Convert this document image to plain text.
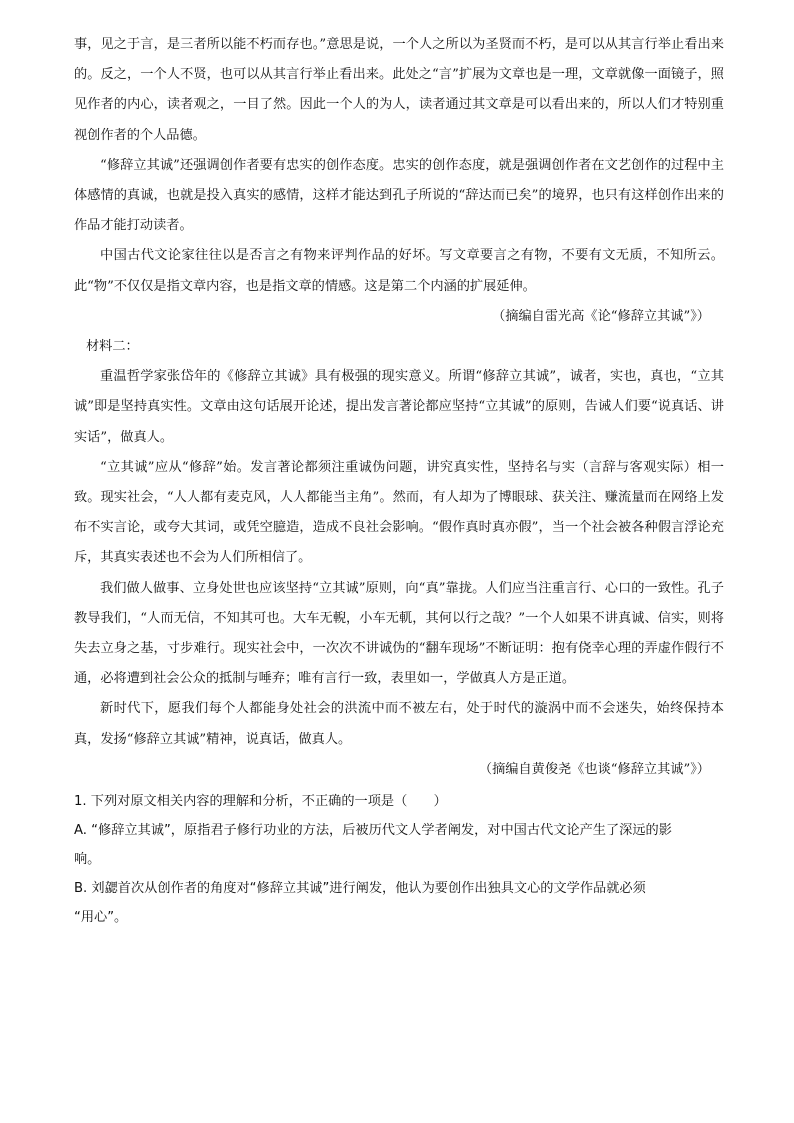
事，见之于言，是三者所以能不朽而存也。”意思是说，一个人之所以为圣贤而不朽，是可以从其言行举止看出来的。反之，一个人不贤，也可以从其言行举止看出来。此处之“言”扩展为文章也是一理，文章就像一面镜子，照见作者的内心，读者观之，一目了然。因此一个人的为人，读者通过其文章是可以看出来的，所以人们才特别重视创作者的个人品德。

“修辞立其诚”还强调创作者要有忠实的创作态度。忠实的创作态度，就是强调创作者在文艺创作的过程中主体感情的真诚，也就是投入真实的感情，这样才能达到孔子所说的“辞达而已矣”的境界，也只有这样创作出来的作品才能打动读者。

中国古代文论家往往以是否言之有物来评判作品的好坏。写文章要言之有物，不要有文无质，不知所云。此“物”不仅仅是指文章内容，也是指文章的情感。这是第二个内涵的扩展延伸。

（摘编自雷光高《论“修辞立其诚”》）

材料二：

重温哲学家张岱年的《修辞立其诚》具有极强的现实意义。所谓“修辞立其诚”，诚者，实也，真也，“立其诚”即是坚持真实性。文章由这句话展开论述，提出发言著论都应坚持“立其诚”的原则，告诫人们要“说真话、讲实话”，做真人。

“立其诚”应从“修辞”始。发言著论都须注重诚伪问题，讲究真实性，坚持名与实（言辞与客观实际）相一致。现实社会，“人人都有麦克风，人人都能当主角”。然而，有人却为了博眼球、获关注、赚流量而在网络上发布不实言论，或夸大其词，或凭空臆造，造成不良社会影响。“假作真时真亦假”，当一个社会被各种假言浮论充斥，其真实表述也不会为人们所相信了。

我们做人做事、立身处世也应该坚持“立其诚”原则，向“真”靠拢。人们应当注重言行、心口的一致性。孔子教导我们，“人而无信，不知其可也。大车无輗，小车无軏，其何以行之哉？”一个人如果不讲真诚、信实，则将失去立身之基，寸步难行。现实社会中，一次次不讲诚伪的“翻车现场”不断证明：抱有侥幸心理的弄虚作假行不通，必将遭到社会公众的抵制与唾弃；唯有言行一致，表里如一，学做真人方是正道。

新时代下，愿我们每个人都能身处社会的洪流中而不被左右，处于时代的漩涡中而不会迷失，始终保持本真，发扬“修辞立其诚”精神，说真话，做真人。

（摘编自黄俊尧《也谈“修辞立其诚”》）

1. 下列对原文相关内容的理解和分析，不正确的一项是（　　）

A. “修辞立其诚”，原指君子修行功业的方法，后被历代文人学者阐发，对中国古代文论产生了深远的影

响。

B. 刘勰首次从创作者的角度对“修辞立其诚”进行阐发，他认为要创作出独具文心的文学作品就必须

“用心”。
